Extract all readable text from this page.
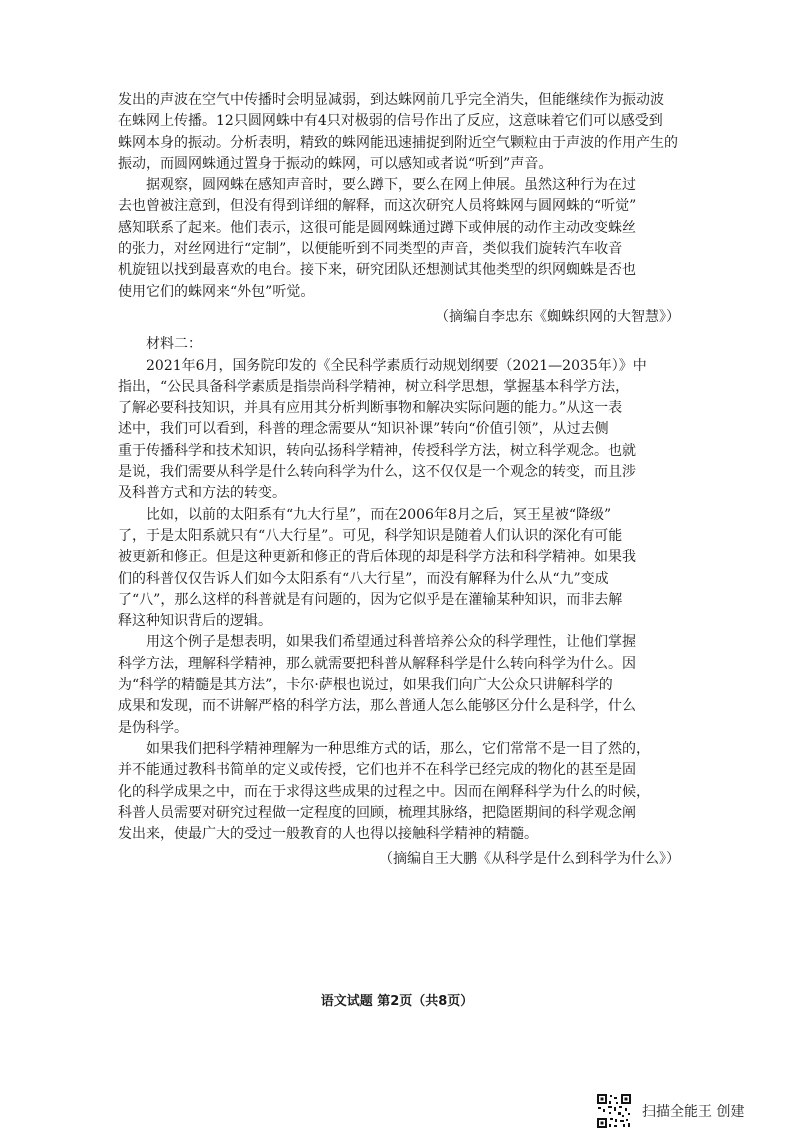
发出的声波在空气中传播时会明显减弱，到达蛛网前几乎完全消失，但能继续作为振动波

在蛛网上传播。12只圆网蛛中有4只对极弱的信号作出了反应，这意味着它们可以感受到

蛛网本身的振动。分析表明，精致的蛛网能迅速捕捉到附近空气颗粒由于声波的作用产生的

振动，而圆网蛛通过置身于振动的蛛网，可以感知或者说“听到”声音。

据观察，圆网蛛在感知声音时，要么蹲下，要么在网上伸展。虽然这种行为在过

去也曾被注意到，但没有得到详细的解释，而这次研究人员将蛛网与圆网蛛的“听觉”

感知联系了起来。他们表示，这很可能是圆网蛛通过蹲下或伸展的动作主动改变蛛丝

的张力，对丝网进行“定制”，以便能听到不同类型的声音，类似我们旋转汽车收音

机旋钮以找到最喜欢的电台。接下来，研究团队还想测试其他类型的织网蜘蛛是否也

使用它们的蛛网来“外包”听觉。

（摘编自李忠东《蜘蛛织网的大智慧》）

材料二：

2021年6月，国务院印发的《全民科学素质行动规划纲要（2021—2035年）》中

指出，“公民具备科学素质是指崇尚科学精神，树立科学思想，掌握基本科学方法，

了解必要科技知识，并具有应用其分析判断事物和解决实际问题的能力。”从这一表

述中，我们可以看到，科普的理念需要从“知识补课”转向“价值引领”，从过去侧

重于传播科学和技术知识，转向弘扬科学精神，传授科学方法，树立科学观念。也就

是说，我们需要从科学是什么转向科学为什么，这不仅仅是一个观念的转变，而且涉

及科普方式和方法的转变。

比如，以前的太阳系有“九大行星”，而在2006年8月之后，冥王星被“降级”

了，于是太阳系就只有“八大行星”。可见，科学知识是随着人们认识的深化有可能

被更新和修正。但是这种更新和修正的背后体现的却是科学方法和科学精神。如果我

们的科普仅仅告诉人们如今太阳系有“八大行星”，而没有解释为什么从“九”变成

了“八”，那么这样的科普就是有问题的，因为它似乎是在灌输某种知识，而非去解

释这种知识背后的逻辑。

用这个例子是想表明，如果我们希望通过科普培养公众的科学理性，让他们掌握

科学方法，理解科学精神，那么就需要把科普从解释科学是什么转向科学为什么。因

为“科学的精髓是其方法”，卡尔·萨根也说过，如果我们向广大公众只讲解科学的

成果和发现，而不讲解严格的科学方法，那么普通人怎么能够区分什么是科学，什么

是伪科学。

如果我们把科学精神理解为一种思维方式的话，那么，它们常常不是一目了然的，

并不能通过教科书简单的定义或传授，它们也并不在科学已经完成的物化的甚至是固

化的科学成果之中，而在于求得这些成果的过程之中。因而在阐释科学为什么的时候，

科普人员需要对研究过程做一定程度的回顾，梳理其脉络，把隐匿期间的科学观念阐

发出来，使最广大的受过一般教育的人也得以接触科学精神的精髓。

（摘编自王大鹏《从科学是什么到科学为什么》）

语文试题 第2页（共8页）
扫描全能王 创建
